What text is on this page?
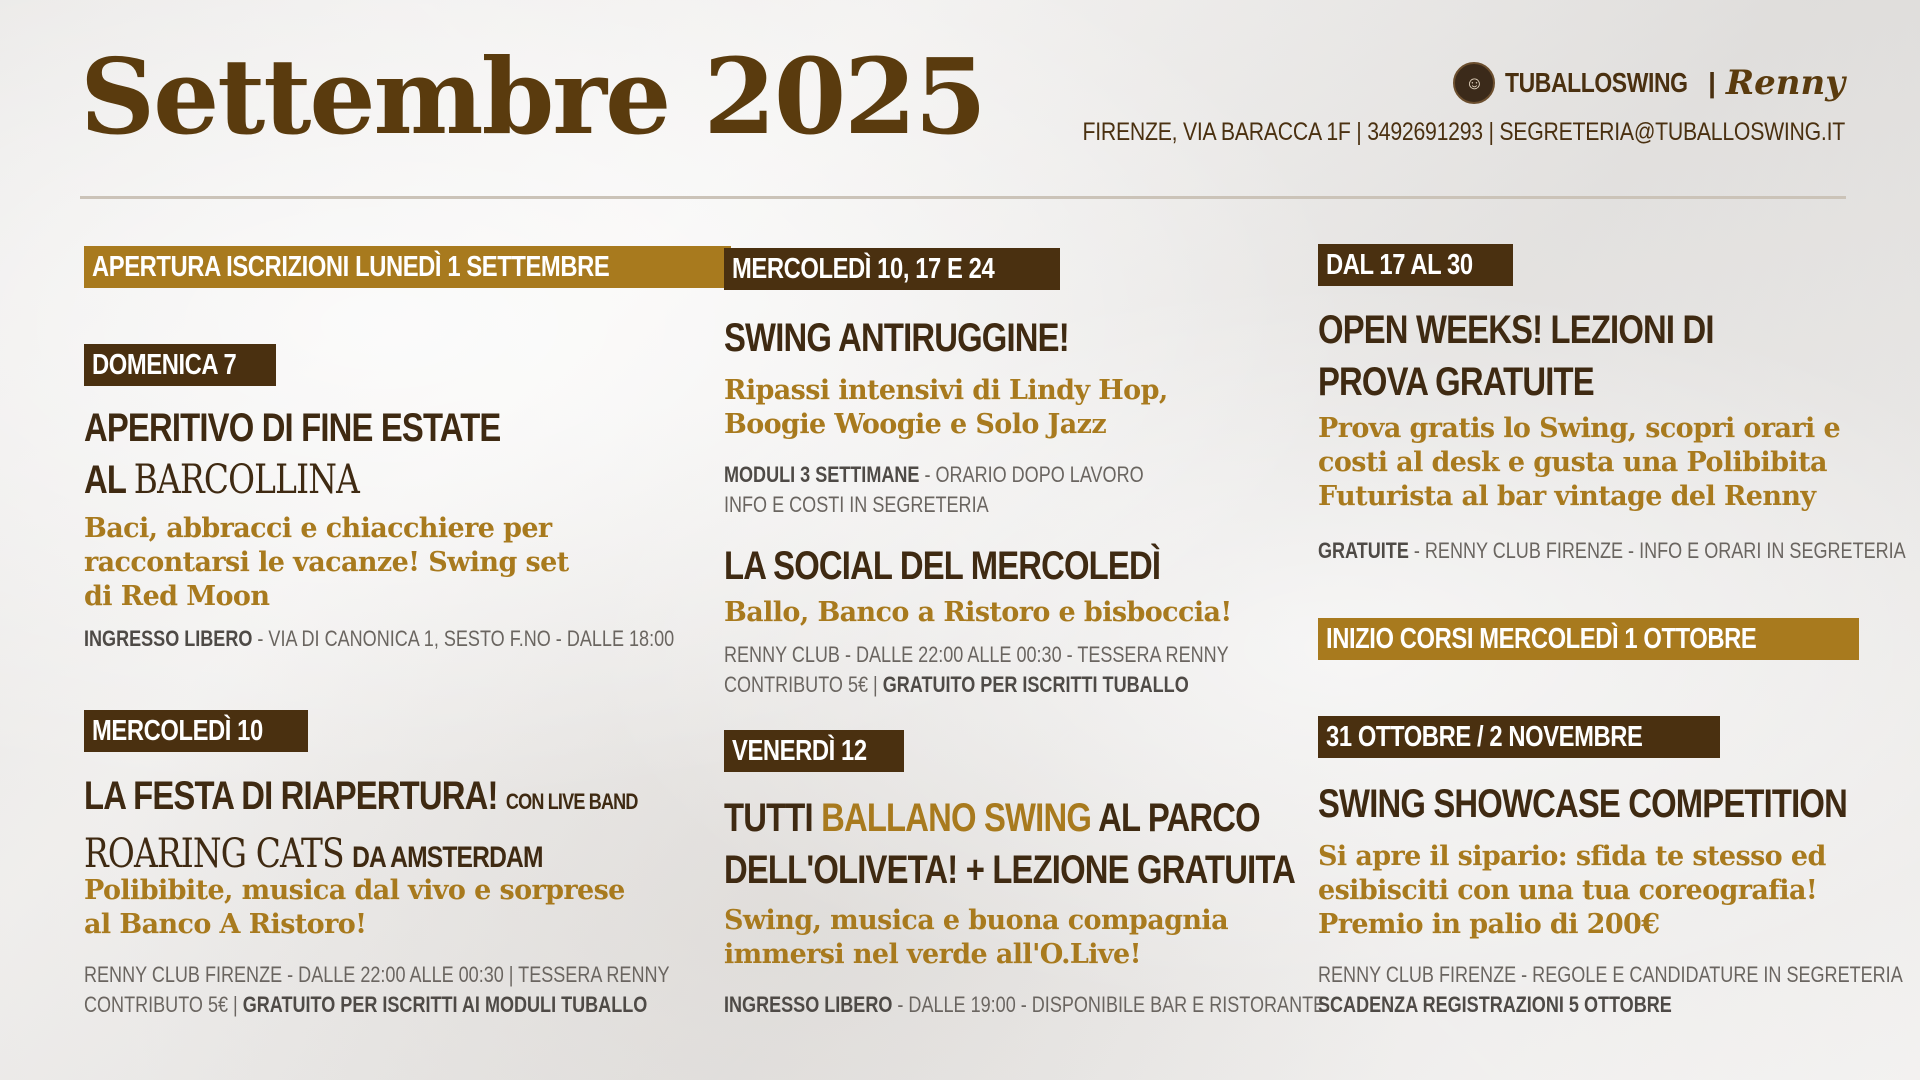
Settembre 2025	☺ TUBALLOSWING | Renny
FIRENZE, VIA BARACCA 1F | 3492691293 | SEGRETERIA@TUBALLOSWING.IT
APERTURA ISCRIZIONI LUNEDÌ 1 SETTEMBRE
DOMENICA 7
APERITIVO DI FINE ESTATE
AL BARCOLLINA
Baci, abbracci e chiacchiere per
raccontarsi le vacanze! Swing set
di Red Moon
INGRESSO LIBERO - VIA DI CANONICA 1, SESTO F.NO - DALLE 18:00
MERCOLEDÌ 10
LA FESTA DI RIAPERTURA! CON LIVE BAND
ROARING CATS DA AMSTERDAM
Polibibite, musica dal vivo e sorprese
al Banco A Ristoro!
RENNY CLUB FIRENZE - DALLE 22:00 ALLE 00:30 | TESSERA RENNY
CONTRIBUTO 5€ | GRATUITO PER ISCRITTI AI MODULI TUBALLO
MERCOLEDÌ 10, 17 E 24
SWING ANTIRUGGINE!
Ripassi intensivi di Lindy Hop,
Boogie Woogie e Solo Jazz
MODULI 3 SETTIMANE - ORARIO DOPO LAVORO
INFO E COSTI IN SEGRETERIA
LA SOCIAL DEL MERCOLEDÌ
Ballo, Banco a Ristoro e bisboccia!
RENNY CLUB - DALLE 22:00 ALLE 00:30 - TESSERA RENNY
CONTRIBUTO 5€ | GRATUITO PER ISCRITTI TUBALLO
VENERDÌ 12
TUTTI BALLANO SWING AL PARCO
DELL'OLIVETA! + LEZIONE GRATUITA
Swing, musica e buona compagnia
immersi nel verde all'O.Live!
INGRESSO LIBERO - DALLE 19:00 - DISPONIBILE BAR E RISTORANTE
DAL 17 AL 30
OPEN WEEKS! LEZIONI DI
PROVA GRATUITE
Prova gratis lo Swing, scopri orari e
costi al desk e gusta una Polibibita
Futurista al bar vintage del Renny
GRATUITE - RENNY CLUB FIRENZE - INFO E ORARI IN SEGRETERIA
INIZIO CORSI MERCOLEDÌ 1 OTTOBRE
31 OTTOBRE / 2 NOVEMBRE
SWING SHOWCASE COMPETITION
Si apre il sipario: sfida te stesso ed
esibisciti con una tua coreografia!
Premio in palio di 200€
RENNY CLUB FIRENZE - REGOLE E CANDIDATURE IN SEGRETERIA
SCADENZA REGISTRAZIONI 5 OTTOBRE
